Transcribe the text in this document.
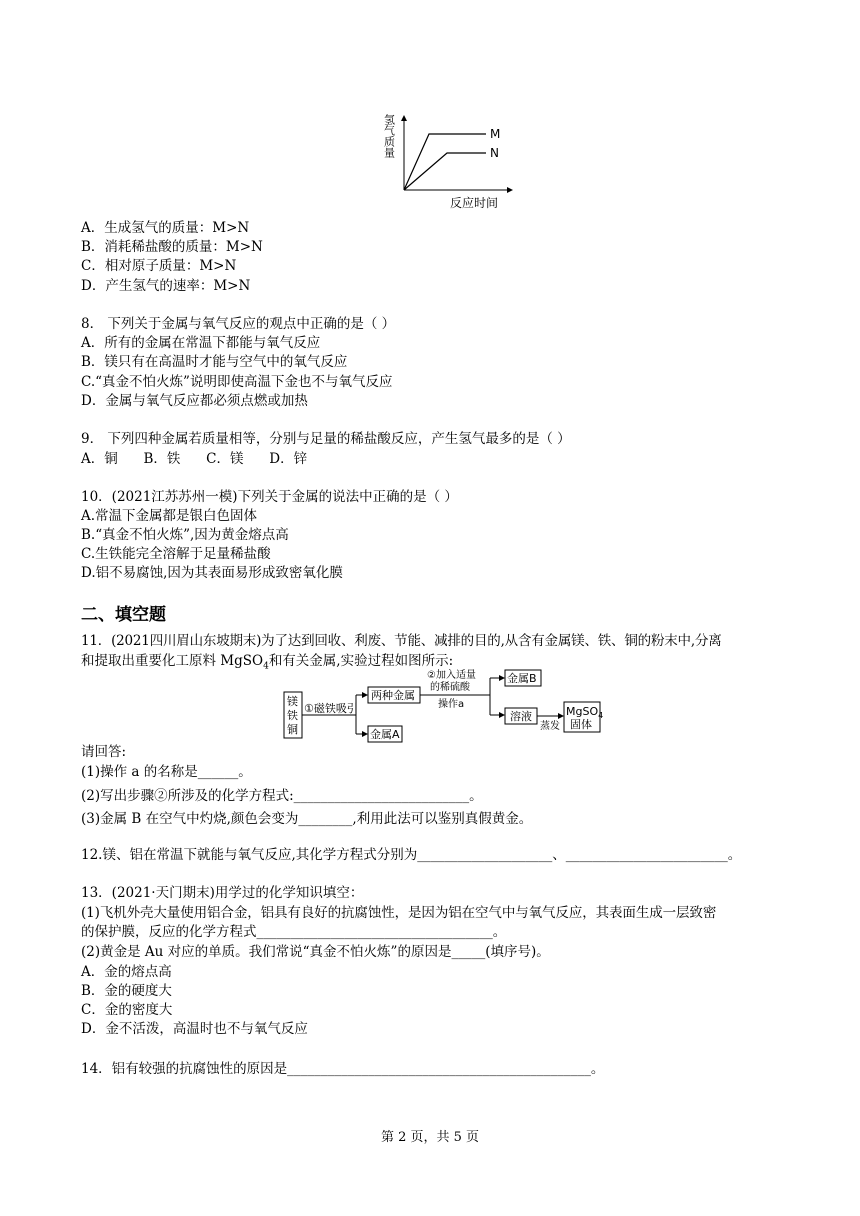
M
N
氢气质量
反应时间
A．生成氢气的质量：M>N
B．消耗稀盐酸的质量：M>N
C．相对原子质量：M>N
D．产生氢气的速率：M>N
8． 下列关于金属与氧气反应的观点中正确的是（ ）
A．所有的金属在常温下都能与氧气反应
B．镁只有在高温时才能与空气中的氧气反应
C.“真金不怕火炼”说明即使高温下金也不与氧气反应
D．金属与氧气反应都必须点燃或加热
9． 下列四种金属若质量相等，分别与足量的稀盐酸反应，产生氢气最多的是（ ）
A．铜      B．铁      C．镁      D．锌
10．(2021江苏苏州一模)下列关于金属的说法中正确的是（ ）
A.常温下金属都是银白色固体
B.“真金不怕火炼”,因为黄金熔点高
C.生铁能完全溶解于足量稀盐酸
D.铝不易腐蚀,因为其表面易形成致密氧化膜
二、填空题
11．(2021四川眉山东坡期末)为了达到回收、利废、节能、减排的目的,从含有金属镁、铁、铜的粉末中,分离
和提取出重要化工原料 MgSO$_4$和有关金属,实验过程如图所示:
镁
铁
铜
①磁铁吸引
两种金属
金属A
②加入适量
的稀硫酸
操作a
金属B
溶液
蒸发
MgSO$_4$
固体
请回答:
(1)操作 a 的名称是______。
(2)写出步骤②所涉及的化学方程式:__________________________。
(3)金属 B 在空气中灼烧,颜色会变为________,利用此法可以鉴别真假黄金。
12.镁、铝在常温下就能与氧气反应,其化学方程式分别为____________________、________________________。
13．(2021·天门期末)用学过的化学知识填空：
(1)飞机外壳大量使用铝合金，铝具有良好的抗腐蚀性，是因为铝在空气中与氧气反应，其表面生成一层致密
的保护膜，反应的化学方程式___________________________________。
(2)黄金是 Au 对应的单质。我们常说“真金不怕火炼”的原因是_____(填序号)。
A．金的熔点高
B．金的硬度大
C．金的密度大
D．金不活泼，高温时也不与氧气反应
14．铝有较强的抗腐蚀性的原因是_____________________________________________。
第 2 页，共 5 页
